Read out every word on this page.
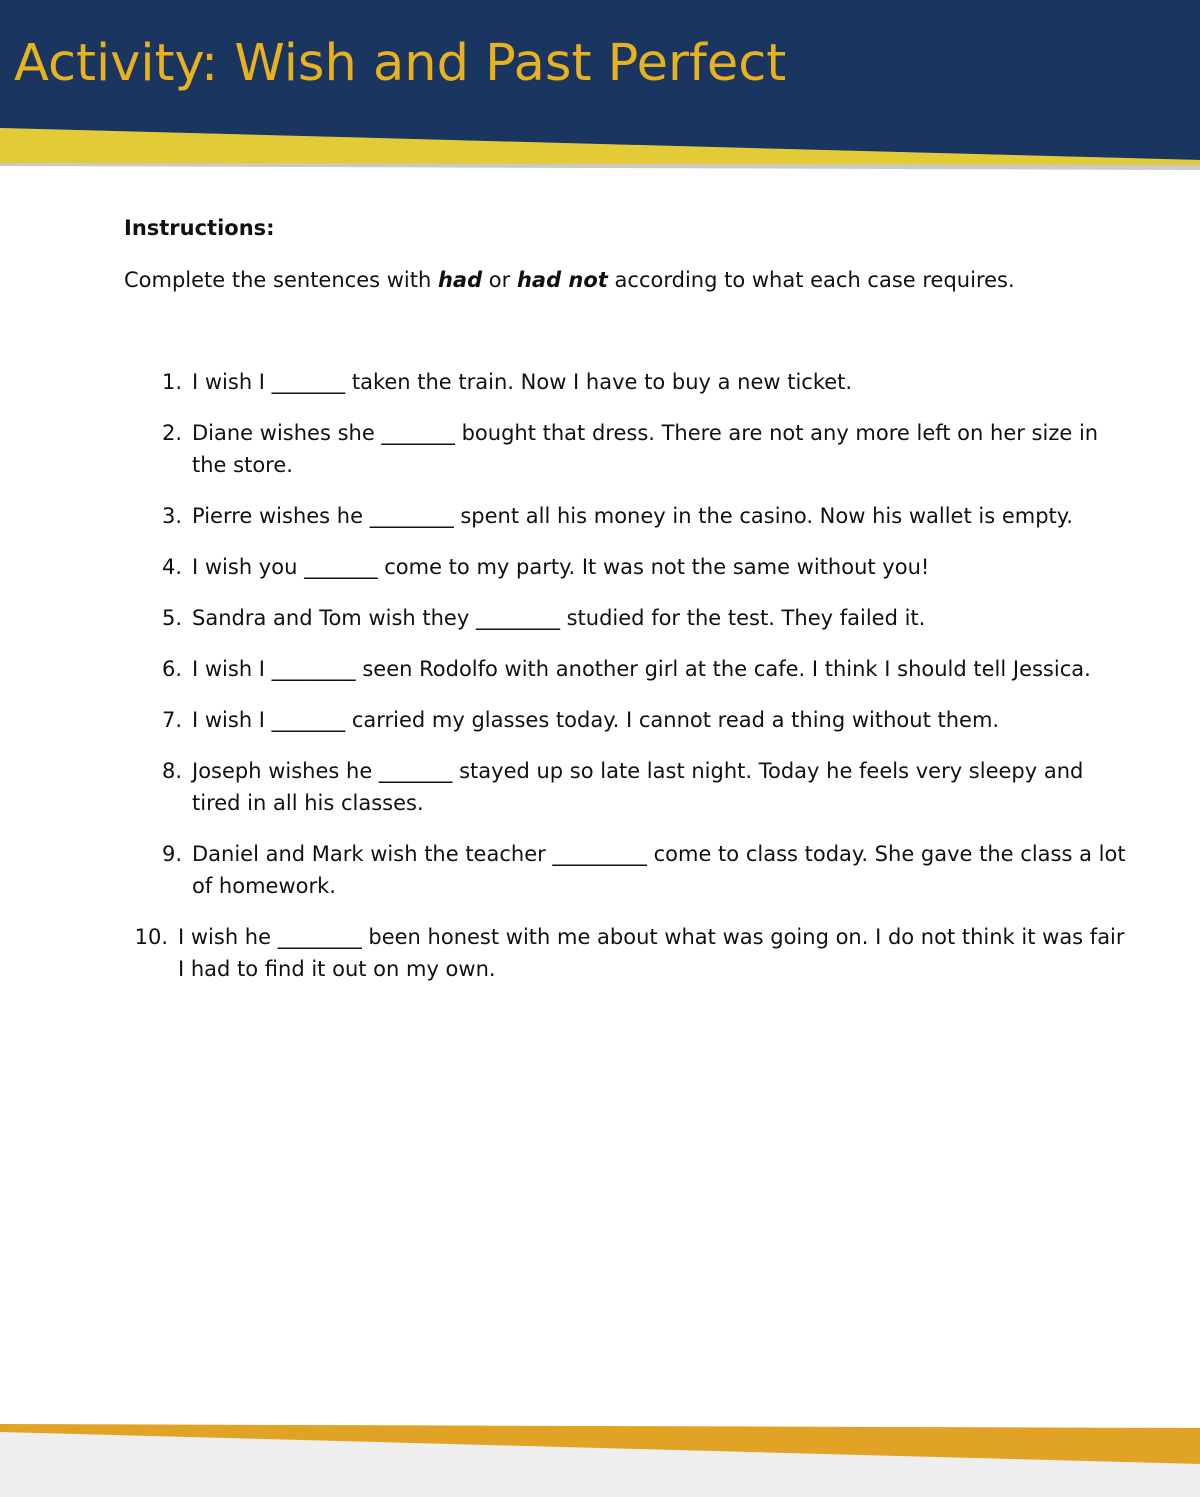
Activity: Wish and Past Perfect

Instructions:

Complete the sentences with had or had not according to what each case requires.

1. I wish I _______ taken the train. Now I have to buy a new ticket.
2. Diane wishes she _______ bought that dress. There are not any more left on her size in the store.
3. Pierre wishes he ________ spent all his money in the casino. Now his wallet is empty.
4. I wish you _______ come to my party. It was not the same without you!
5. Sandra and Tom wish they ________ studied for the test. They failed it.
6. I wish I ________ seen Rodolfo with another girl at the cafe. I think I should tell Jessica.
7. I wish I _______ carried my glasses today. I cannot read a thing without them.
8. Joseph wishes he _______ stayed up so late last night. Today he feels very sleepy and tired in all his classes.
9. Daniel and Mark wish the teacher _________ come to class today. She gave the class a lot of homework.
10. I wish he ________ been honest with me about what was going on. I do not think it was fair I had to find it out on my own.
